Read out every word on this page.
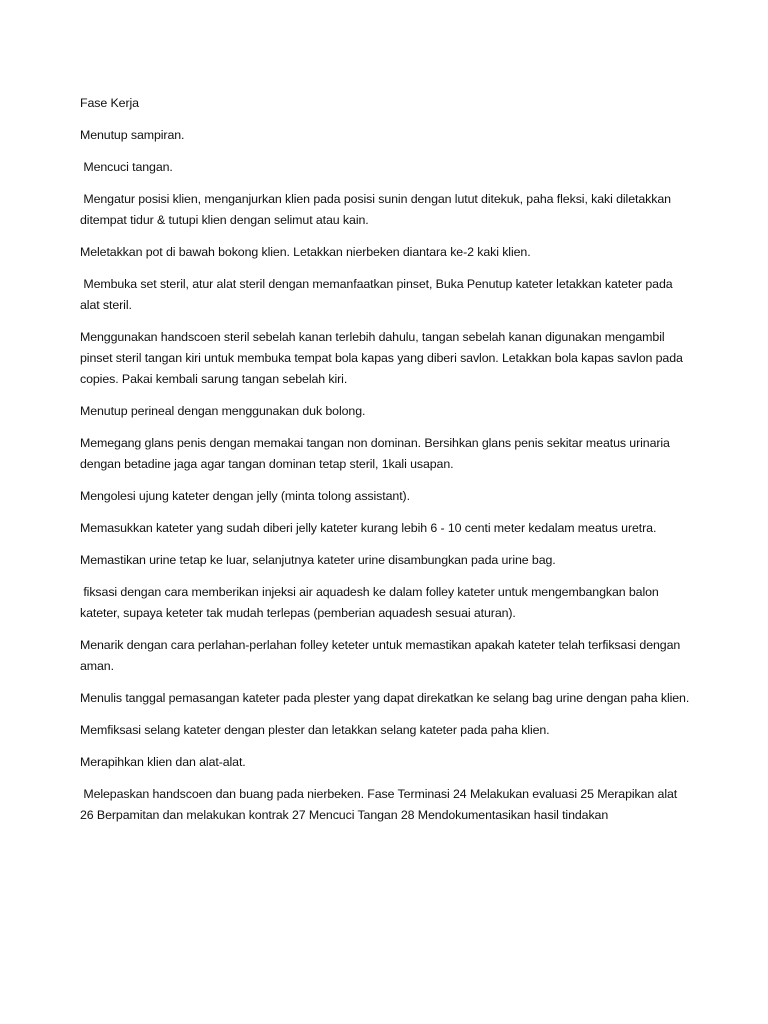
Fase Kerja

Menutup sampiran.

Mencuci tangan.

Mengatur posisi klien, menganjurkan klien pada posisi sunin dengan lutut ditekuk, paha fleksi, kaki diletakkan ditempat tidur & tutupi klien dengan selimut atau kain.

Meletakkan pot di bawah bokong klien. Letakkan nierbeken diantara ke-2 kaki klien.

Membuka set steril, atur alat steril dengan memanfaatkan pinset, Buka Penutup kateter letakkan kateter pada alat steril.

Menggunakan handscoen steril sebelah kanan terlebih dahulu, tangan sebelah kanan digunakan mengambil pinset steril tangan kiri untuk membuka tempat bola kapas yang diberi savlon. Letakkan bola kapas savlon pada copies. Pakai kembali sarung tangan sebelah kiri.

Menutup perineal dengan menggunakan duk bolong.

Memegang glans penis dengan memakai tangan non dominan. Bersihkan glans penis sekitar meatus urinaria dengan betadine jaga agar tangan dominan tetap steril, 1kali usapan.

Mengolesi ujung kateter dengan jelly (minta tolong assistant).

Memasukkan kateter yang sudah diberi jelly kateter kurang lebih 6 - 10 centi meter kedalam meatus uretra.

Memastikan urine tetap ke luar, selanjutnya kateter urine disambungkan pada urine bag.

fiksasi dengan cara memberikan injeksi air aquadesh ke dalam folley kateter untuk mengembangkan balon kateter, supaya keteter tak mudah terlepas (pemberian aquadesh sesuai aturan).

Menarik dengan cara perlahan-perlahan folley keteter untuk memastikan apakah kateter telah terfiksasi dengan aman.

Menulis tanggal pemasangan kateter pada plester yang dapat direkatkan ke selang bag urine dengan paha klien.

Memfiksasi selang kateter dengan plester dan letakkan selang kateter pada paha klien.

Merapihkan klien dan alat-alat.

Melepaskan handscoen dan buang pada nierbeken. Fase Terminasi 24 Melakukan evaluasi 25 Merapikan alat 26 Berpamitan dan melakukan kontrak 27 Mencuci Tangan 28 Mendokumentasikan hasil tindakan
